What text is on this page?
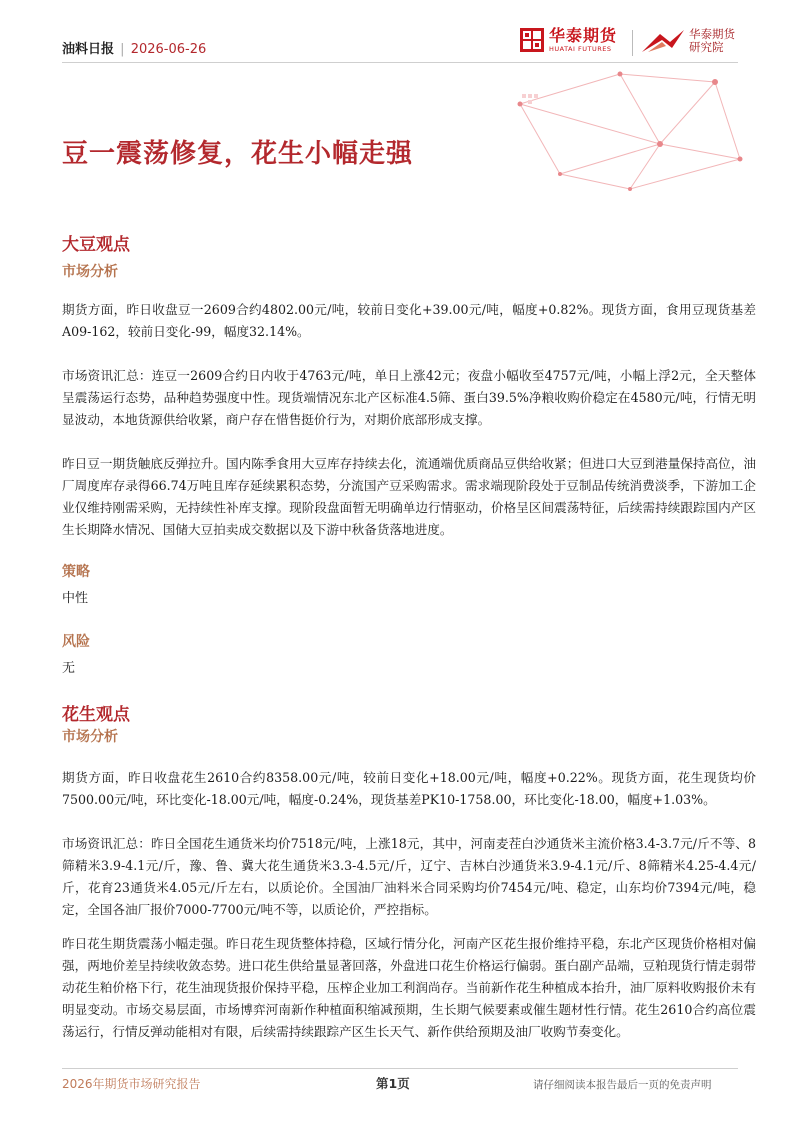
油料日报 | 2026-06-26
华泰期货
HUATAI FUTURES
华泰期货
研究院
豆一震荡修复，花生小幅走强
大豆观点
市场分析

期货方面，昨日收盘豆一2609合约4802.00元/吨，较前日变化+39.00元/吨，幅度+0.82%。现货方面，食用豆现货基差A09-162，较前日变化-99，幅度32.14%。

市场资讯汇总：连豆一2609合约日内收于4763元/吨，单日上涨42元；夜盘小幅收至4757元/吨，小幅上浮2元，全天整体呈震荡运行态势，品种趋势强度中性。现货端情况东北产区标准4.5筛、蛋白39.5%净粮收购价稳定在4580元/吨，行情无明显波动，本地货源供给收紧，商户存在惜售挺价行为，对期价底部形成支撑。

昨日豆一期货触底反弹拉升。国内陈季食用大豆库存持续去化，流通端优质商品豆供给收紧；但进口大豆到港量保持高位，油厂周度库存录得66.74万吨且库存延续累积态势，分流国产豆采购需求。需求端现阶段处于豆制品传统消费淡季，下游加工企业仅维持刚需采购，无持续性补库支撑。现阶段盘面暂无明确单边行情驱动，价格呈区间震荡特征，后续需持续跟踪国内产区生长期降水情况、国储大豆拍卖成交数据以及下游中秋备货落地进度。

策略
中性
风险
无
花生观点
市场分析

期货方面，昨日收盘花生2610合约8358.00元/吨，较前日变化+18.00元/吨，幅度+0.22%。现货方面，花生现货均价7500.00元/吨，环比变化-18.00元/吨，幅度-0.24%，现货基差PK10-1758.00，环比变化-18.00，幅度+1.03%。

市场资讯汇总：昨日全国花生通货米均价7518元/吨，上涨18元，其中，河南麦茬白沙通货米主流价格3.4-3.7元/斤不等、8筛精米3.9-4.1元/斤，豫、鲁、冀大花生通货米3.3-4.5元/斤，辽宁、吉林白沙通货米3.9-4.1元/斤、8筛精米4.25-4.4元/斤，花育23通货米4.05元/斤左右，以质论价。全国油厂油料米合同采购均价7454元/吨、稳定，山东均价7394元/吨，稳定，全国各油厂报价7000-7700元/吨不等，以质论价，严控指标。

昨日花生期货震荡小幅走强。昨日花生现货整体持稳，区域行情分化，河南产区花生报价维持平稳，东北产区现货价格相对偏强，两地价差呈持续收敛态势。进口花生供给量显著回落，外盘进口花生价格运行偏弱。蛋白副产品端，豆粕现货行情走弱带动花生粕价格下行，花生油现货报价保持平稳，压榨企业加工利润尚存。当前新作花生种植成本抬升，油厂原料收购报价未有明显变动。市场交易层面，市场博弈河南新作种植面积缩减预期，生长期气候要素或催生题材性行情。花生2610合约高位震荡运行，行情反弹动能相对有限，后续需持续跟踪产区生长天气、新作供给预期及油厂收购节奏变化。

2026年期货市场研究报告	第1页	请仔细阅读本报告最后一页的免责声明
